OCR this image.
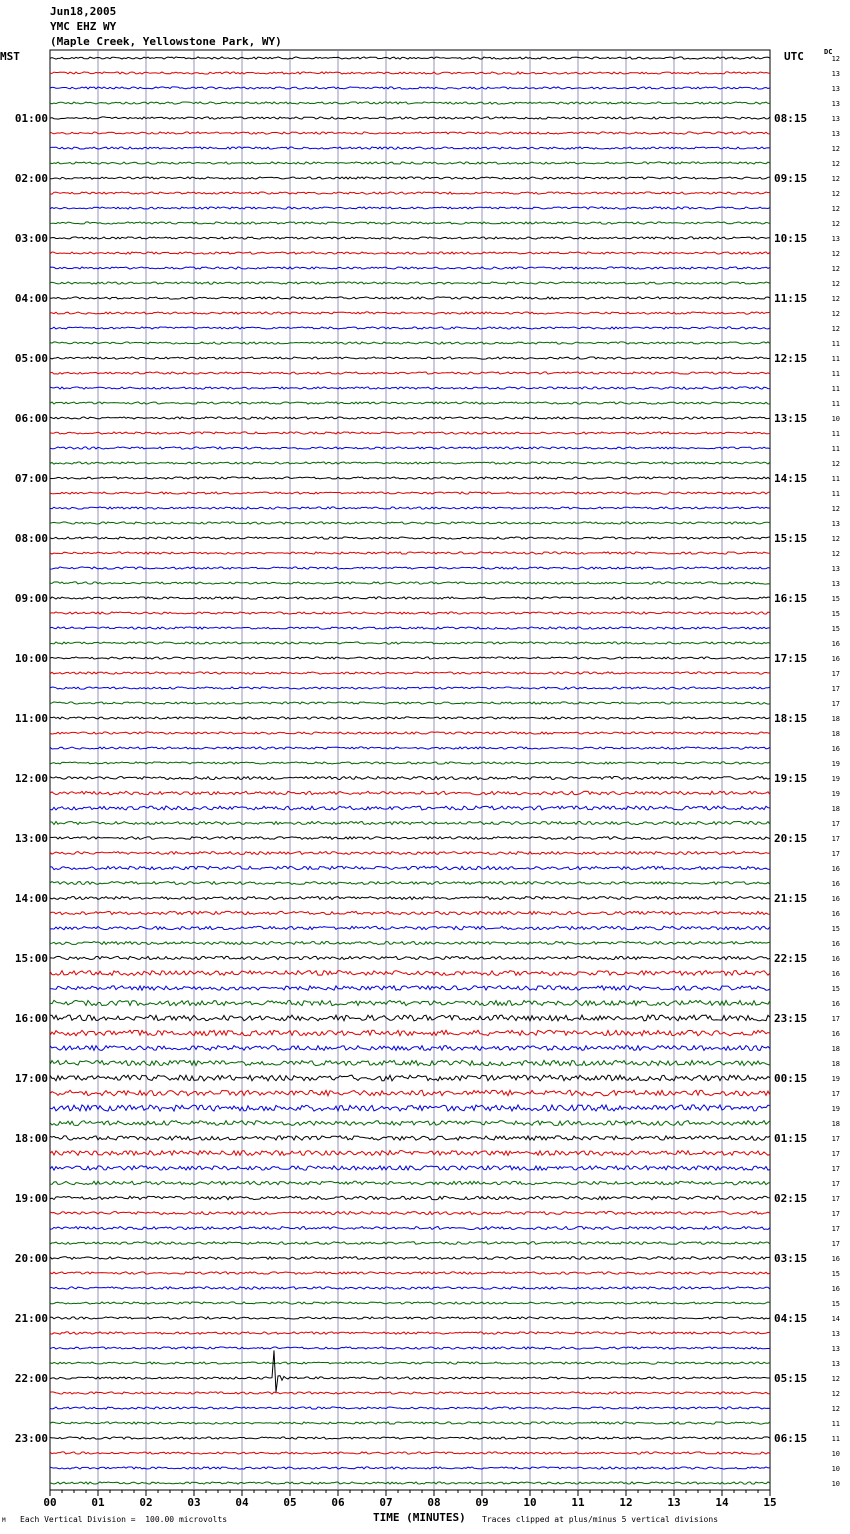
Jun18,2005
YMC EHZ WY
(Maple Creek, Yellowstone Park, WY)
MST	UTC	DC
00	01	02	03	04	05	06	07	08	09	10	11	12	13	14	15
12
13
13
13
13
13
12
12
12
12
12
12
13
12
12
12
12
12
12
11
11
11
11
11
10
11
11
12
11
11
12
13
12
12
13
13
15
15
15
16
16
17
17
17
18
18
16
19
19
19
18
17
17
17
16
16
16
16
15
16
16
16
15
16
17
16
18
18
19
17
19
18
17
17
17
17
17
17
17
17
16
15
16
15
14
13
13
13
12
12
12
11
11
10
10
10
01:00
02:00
03:00
04:00
05:00
06:00
07:00
08:00
09:00
10:00
11:00
12:00
13:00
14:00
15:00
16:00
17:00
18:00
19:00
20:00
21:00
22:00
23:00
08:15
09:15
10:15
11:15
12:15
13:15
14:15
15:15
16:15
17:15
18:15
19:15
20:15
21:15
22:15
23:15
00:15
01:15
02:15
03:15
04:15
05:15
06:15
TIME (MINUTES)
Each Vertical Division =  100.00 microvolts	Traces clipped at plus/minus 5 vertical divisions
M
